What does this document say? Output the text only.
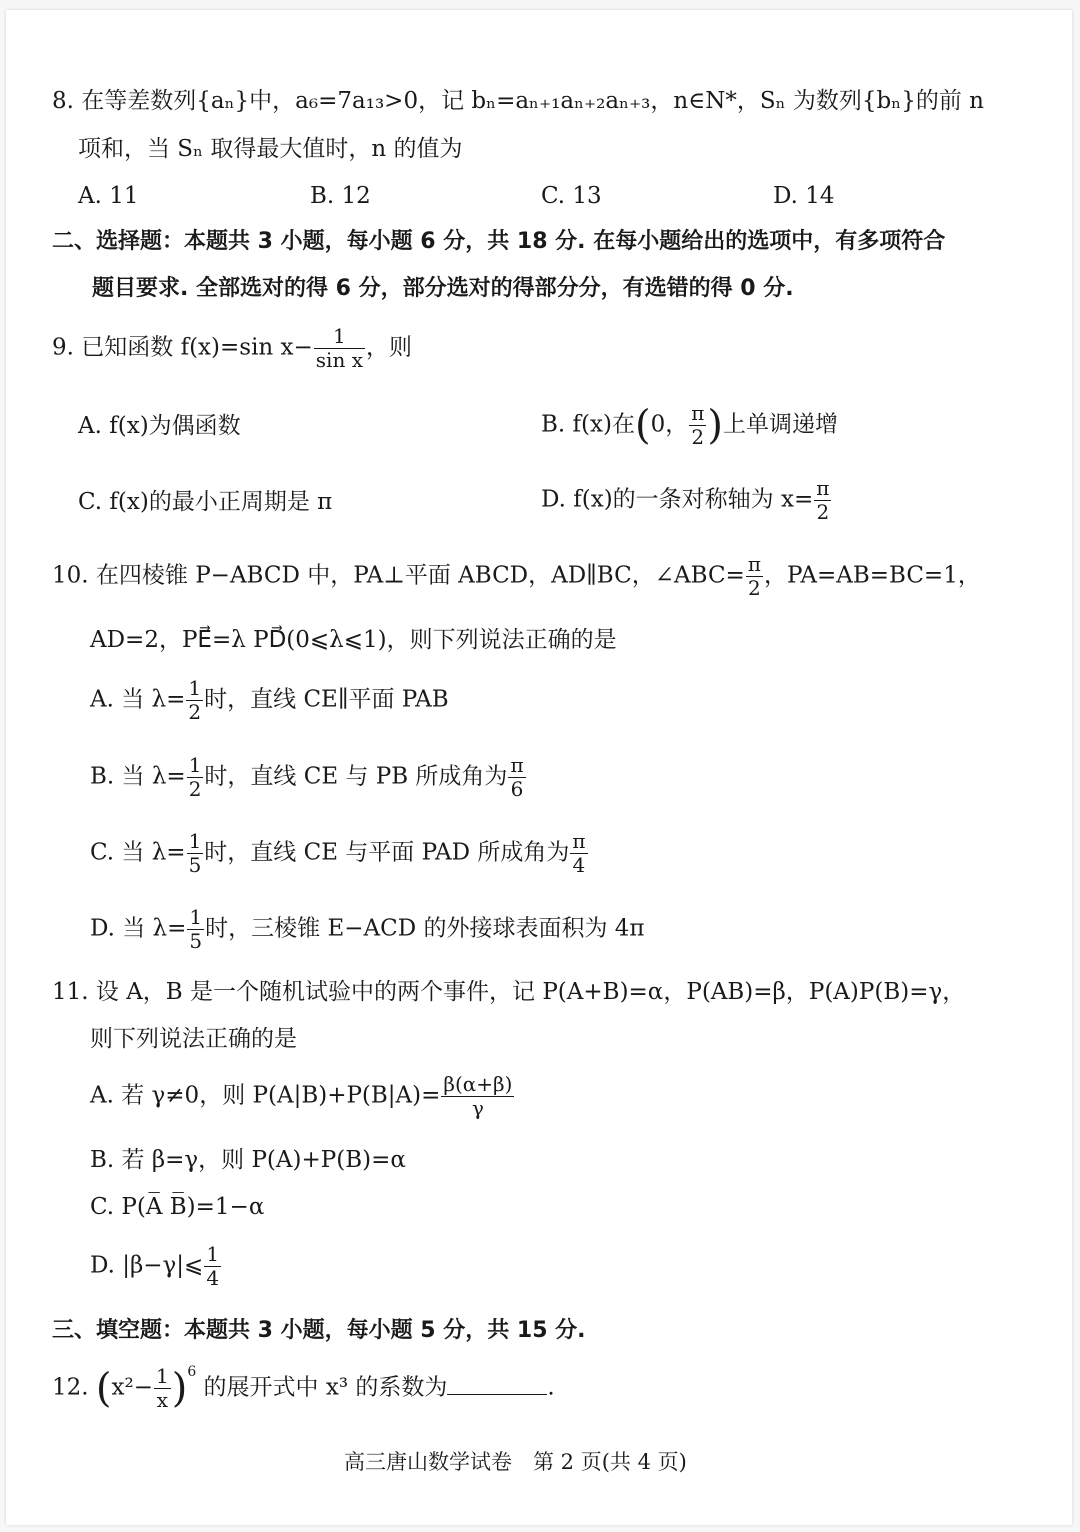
8. 在等差数列{aₙ}中，a₆=7a₁₃>0，记 bₙ=aₙ₊₁aₙ₊₂aₙ₊₃，n∈N*，Sₙ 为数列{bₙ}的前 n
项和，当 Sₙ 取得最大值时，n 的值为
A. 11	B. 12	C. 13	D. 14
二、选择题：本题共 3 小题，每小题 6 分，共 18 分. 在每小题给出的选项中，有多项符合
题目要求. 全部选对的得 6 分，部分选对的得部分分，有选错的得 0 分.
9. 已知函数 f(x)=sin $x- \frac{1}{\text{sin x}}$ ，则
A. f(x)为偶函数	B. f(x)在(0， $\frac{\pi}{2}$ )上单调递增
C. f(x)的最小正周期是 π	D. f(x)的一条对称轴为 $x= \frac{\pi}{2}$
10. 在四棱锥 P−ABCD 中，PA⊥平面 ABCD，AD∥BC，∠ABC= $\frac{\pi}{2}$ ，PA=AB=BC=1，
AD=2，PE⃗=λ PD⃗(0⩽λ⩽1)，则下列说法正确的是
A. 当 $\lambda= \frac{1}{2}$ 时，直线 CE∥平面 PAB
B. 当 $\lambda= \frac{1}{2}$ 时，直线 CE 与 PB 所成角为 $\frac{\pi}{6}$
C. 当 $\lambda= \frac{1}{5}$ 时，直线 CE 与平面 PAD 所成角为 $\frac{\pi}{4}$
D. 当 $\lambda= \frac{1}{5}$ 时，三棱锥 E−ACD 的外接球表面积为 4π
11. 设 A，B 是一个随机试验中的两个事件，记 P(A+B)=α，P(AB)=β，P(A)P(B)=γ，
则下列说法正确的是
A. 若 γ≠0，则 $P(A|B)+P(B|A)= \frac{\beta(\alpha+\beta)}{\gamma}$
B. 若 β=γ，则 P(A)+P(B)=α
C. P(A̅ B̅)=1−α
D. |β−γ|⩽ $\frac{1}{4}$
三、填空题：本题共 3 小题，每小题 5 分，共 15 分.
12. $(x^2- \frac{1}{x} )^6$ 的展开式中 x³ 的系数为	.
高三唐山数学试卷　第 2 页(共 4 页)
